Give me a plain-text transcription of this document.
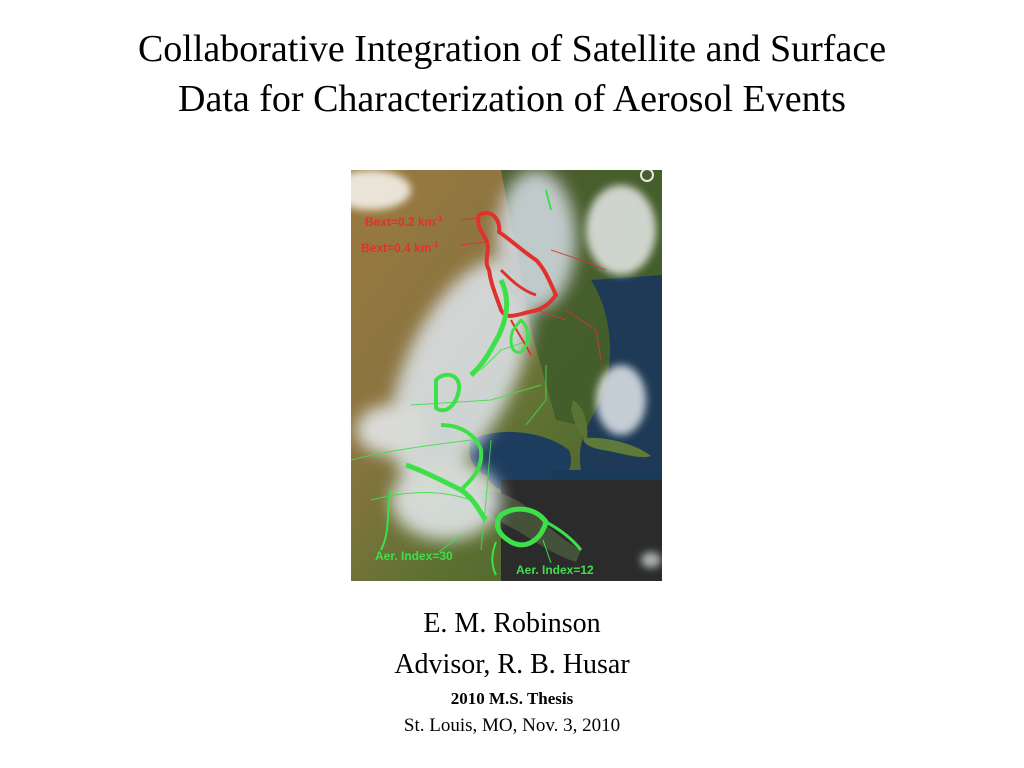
Collaborative Integration of Satellite and Surface
Data for Characterization of Aerosol Events
Bext=0.2 $km^{-1}$
Bext=0.4 $km^{-1}$
Aer. Index=30
Aer. Index=12
E. M. Robinson
Advisor, R. B. Husar
2010 M.S. Thesis
St. Louis, MO, Nov. 3, 2010
